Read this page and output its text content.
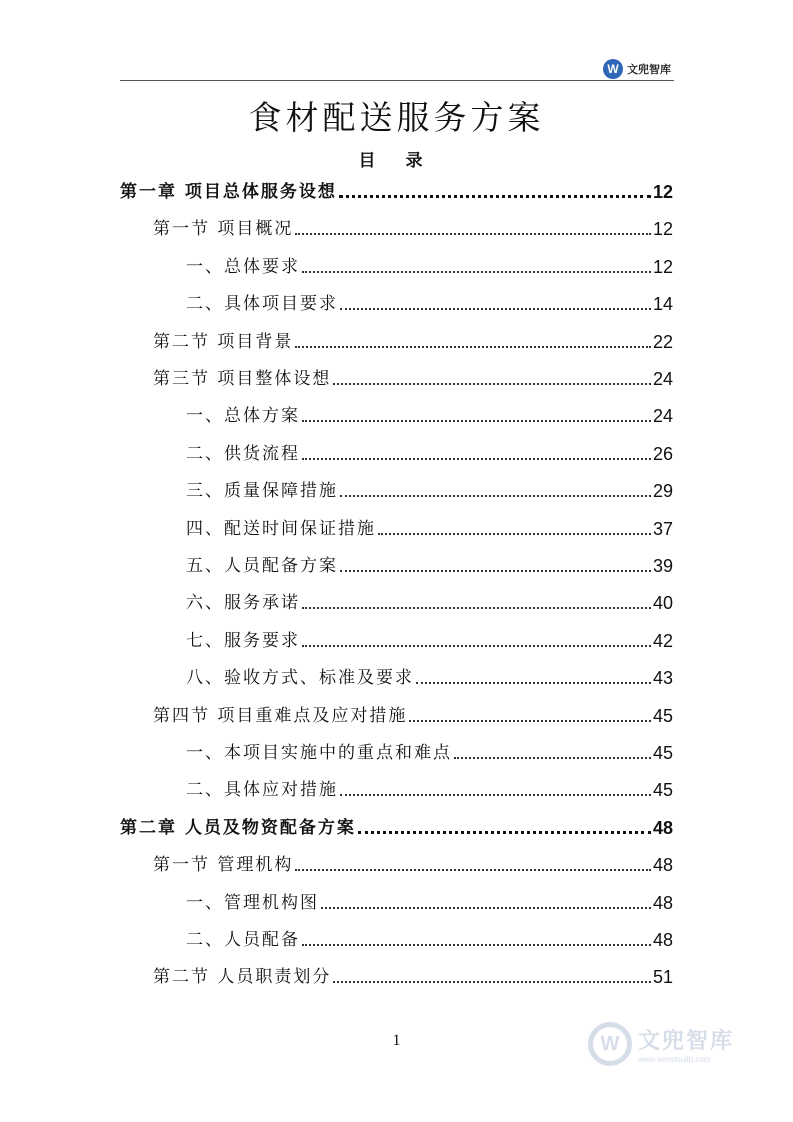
W 文兜智库
食材配送服务方案
目 录
第一章 项目总体服务设想	12
第一节 项目概况	12
一、总体要求	12
二、具体项目要求	14
第二节 项目背景	22
第三节 项目整体设想	24
一、总体方案	24
二、供货流程	26
三、质量保障措施	29
四、配送时间保证措施	37
五、人员配备方案	39
六、服务承诺	40
七、服务要求	42
八、验收方式、标准及要求	43
第四节 项目重难点及应对措施	45
一、本项目实施中的重点和难点	45
二、具体应对措施	45
第二章 人员及物资配备方案	48
第一节 管理机构	48
一、管理机构图	48
二、人员配备	48
第二节 人员职责划分	51
1	W 文兜智库
www.wendoulib.com
